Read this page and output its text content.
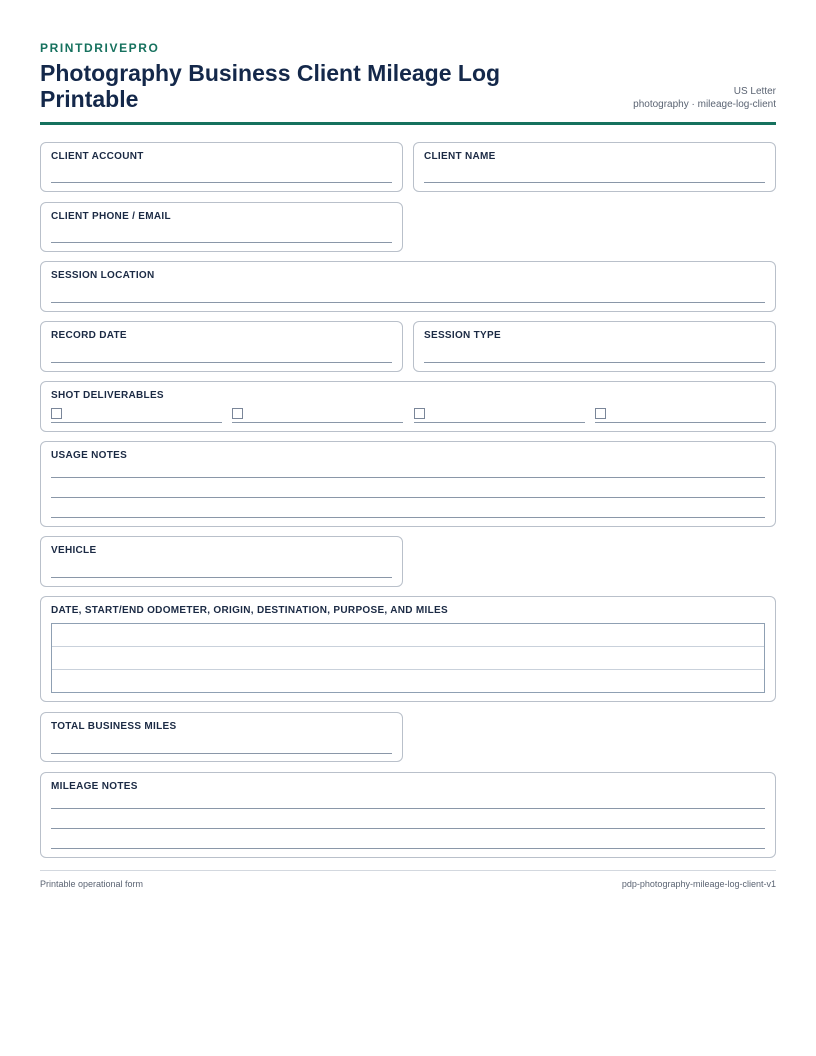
PRINTDRIVEPRO
Photography Business Client Mileage Log Printable	US Letter
photography · mileage-log-client
CLIENT ACCOUNT	CLIENT NAME
CLIENT PHONE / EMAIL
SESSION LOCATION
RECORD DATE	SESSION TYPE
SHOT DELIVERABLES
USAGE NOTES
VEHICLE
DATE, START/END ODOMETER, ORIGIN, DESTINATION, PURPOSE, AND MILES
TOTAL BUSINESS MILES
MILEAGE NOTES
Printable operational form	pdp-photography-mileage-log-client-v1
